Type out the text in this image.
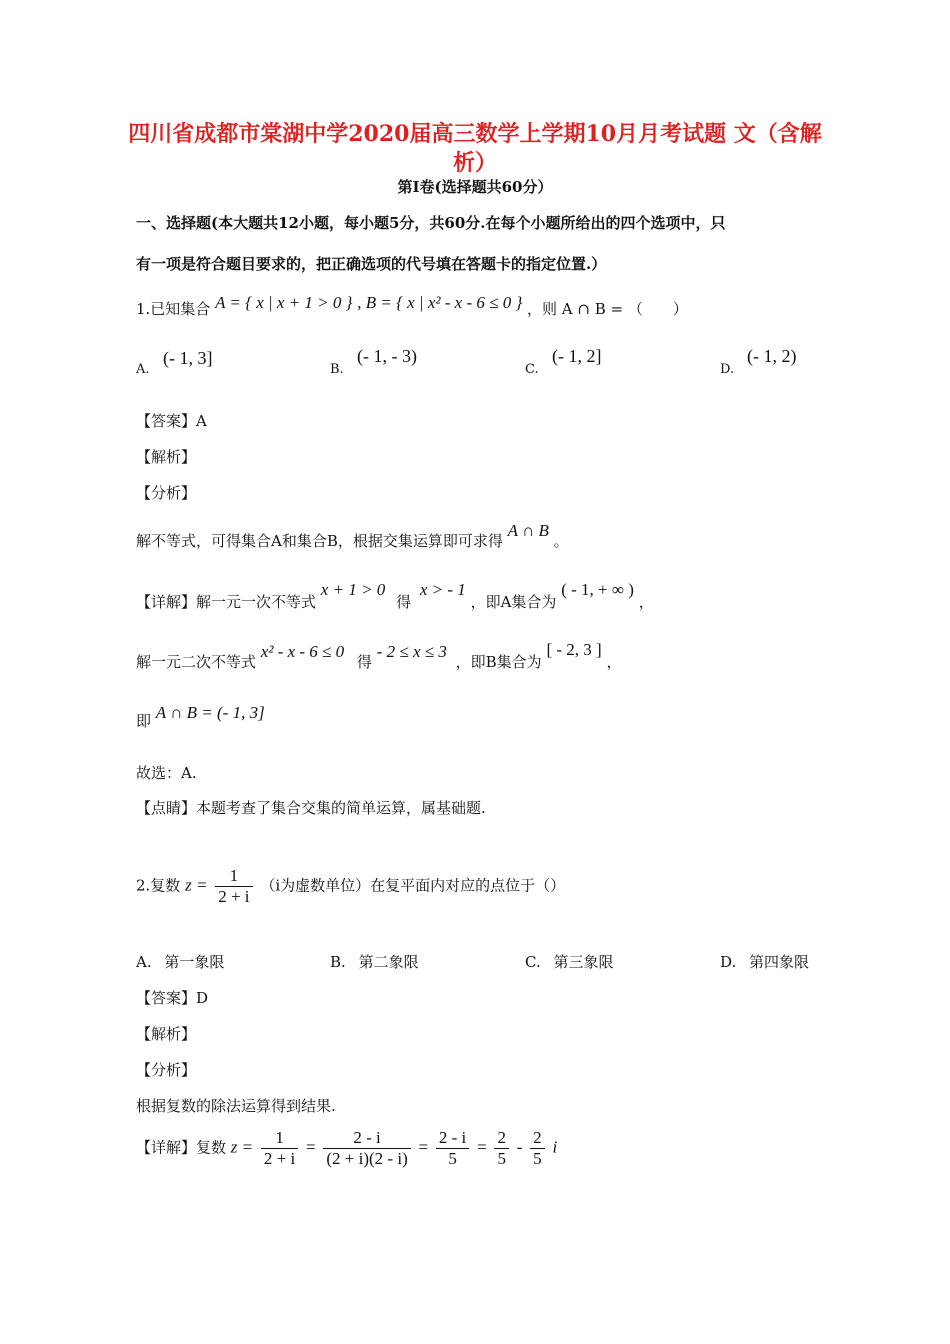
四川省成都市棠湖中学2020届高三数学上学期10月月考试题 文（含解析）
第I卷(选择题共60分）
一、选择题(本大题共12小题，每小题5分，共60分.在每个小题所给出的四个选项中，只
有一项是符合题目要求的，把正确选项的代号填在答题卡的指定位置.）
1.已知集合 A = { x | x + 1 > 0 } , B = { x | x² - x - 6 ≤ 0 } ，则 A ∩ B = （　　）
A.
(- 1, 3]
B.
(- 1, - 3)
C.
(- 1, 2]
D.
(- 1, 2)
【答案】A
【解析】
【分析】
解不等式，可得集合A和集合B，根据交集运算即可求得 A ∩ B 。
【详解】解一元一次不等式 x + 1 > 0 得 x > - 1 ，即A集合为 ( - 1, + ∞ ) ，
解一元二次不等式 x² - x - 6 ≤ 0 得 - 2 ≤ x ≤ 3 ，即B集合为 [ - 2, 3 ] ，
即 A ∩ B = (- 1, 3]
故选：A.
【点睛】本题考查了集合交集的简单运算，属基础题.
2.复数 $z = \frac{1}{2 + i} (i$为虚数单位）在复平面内对应的点位于（）
A. 第一象限	B. 第二象限	C. 第三象限	D. 第四象限
【答案】D
【解析】
【分析】
根据复数的除法运算得到结果.
【详解】复数 $z = \frac{1}{2 + i} = \frac{2 - i}{(2 + i)(2 - i)} = \frac{2 - i}{5} = \frac{2}{5} - \frac{2}{5}$ i
